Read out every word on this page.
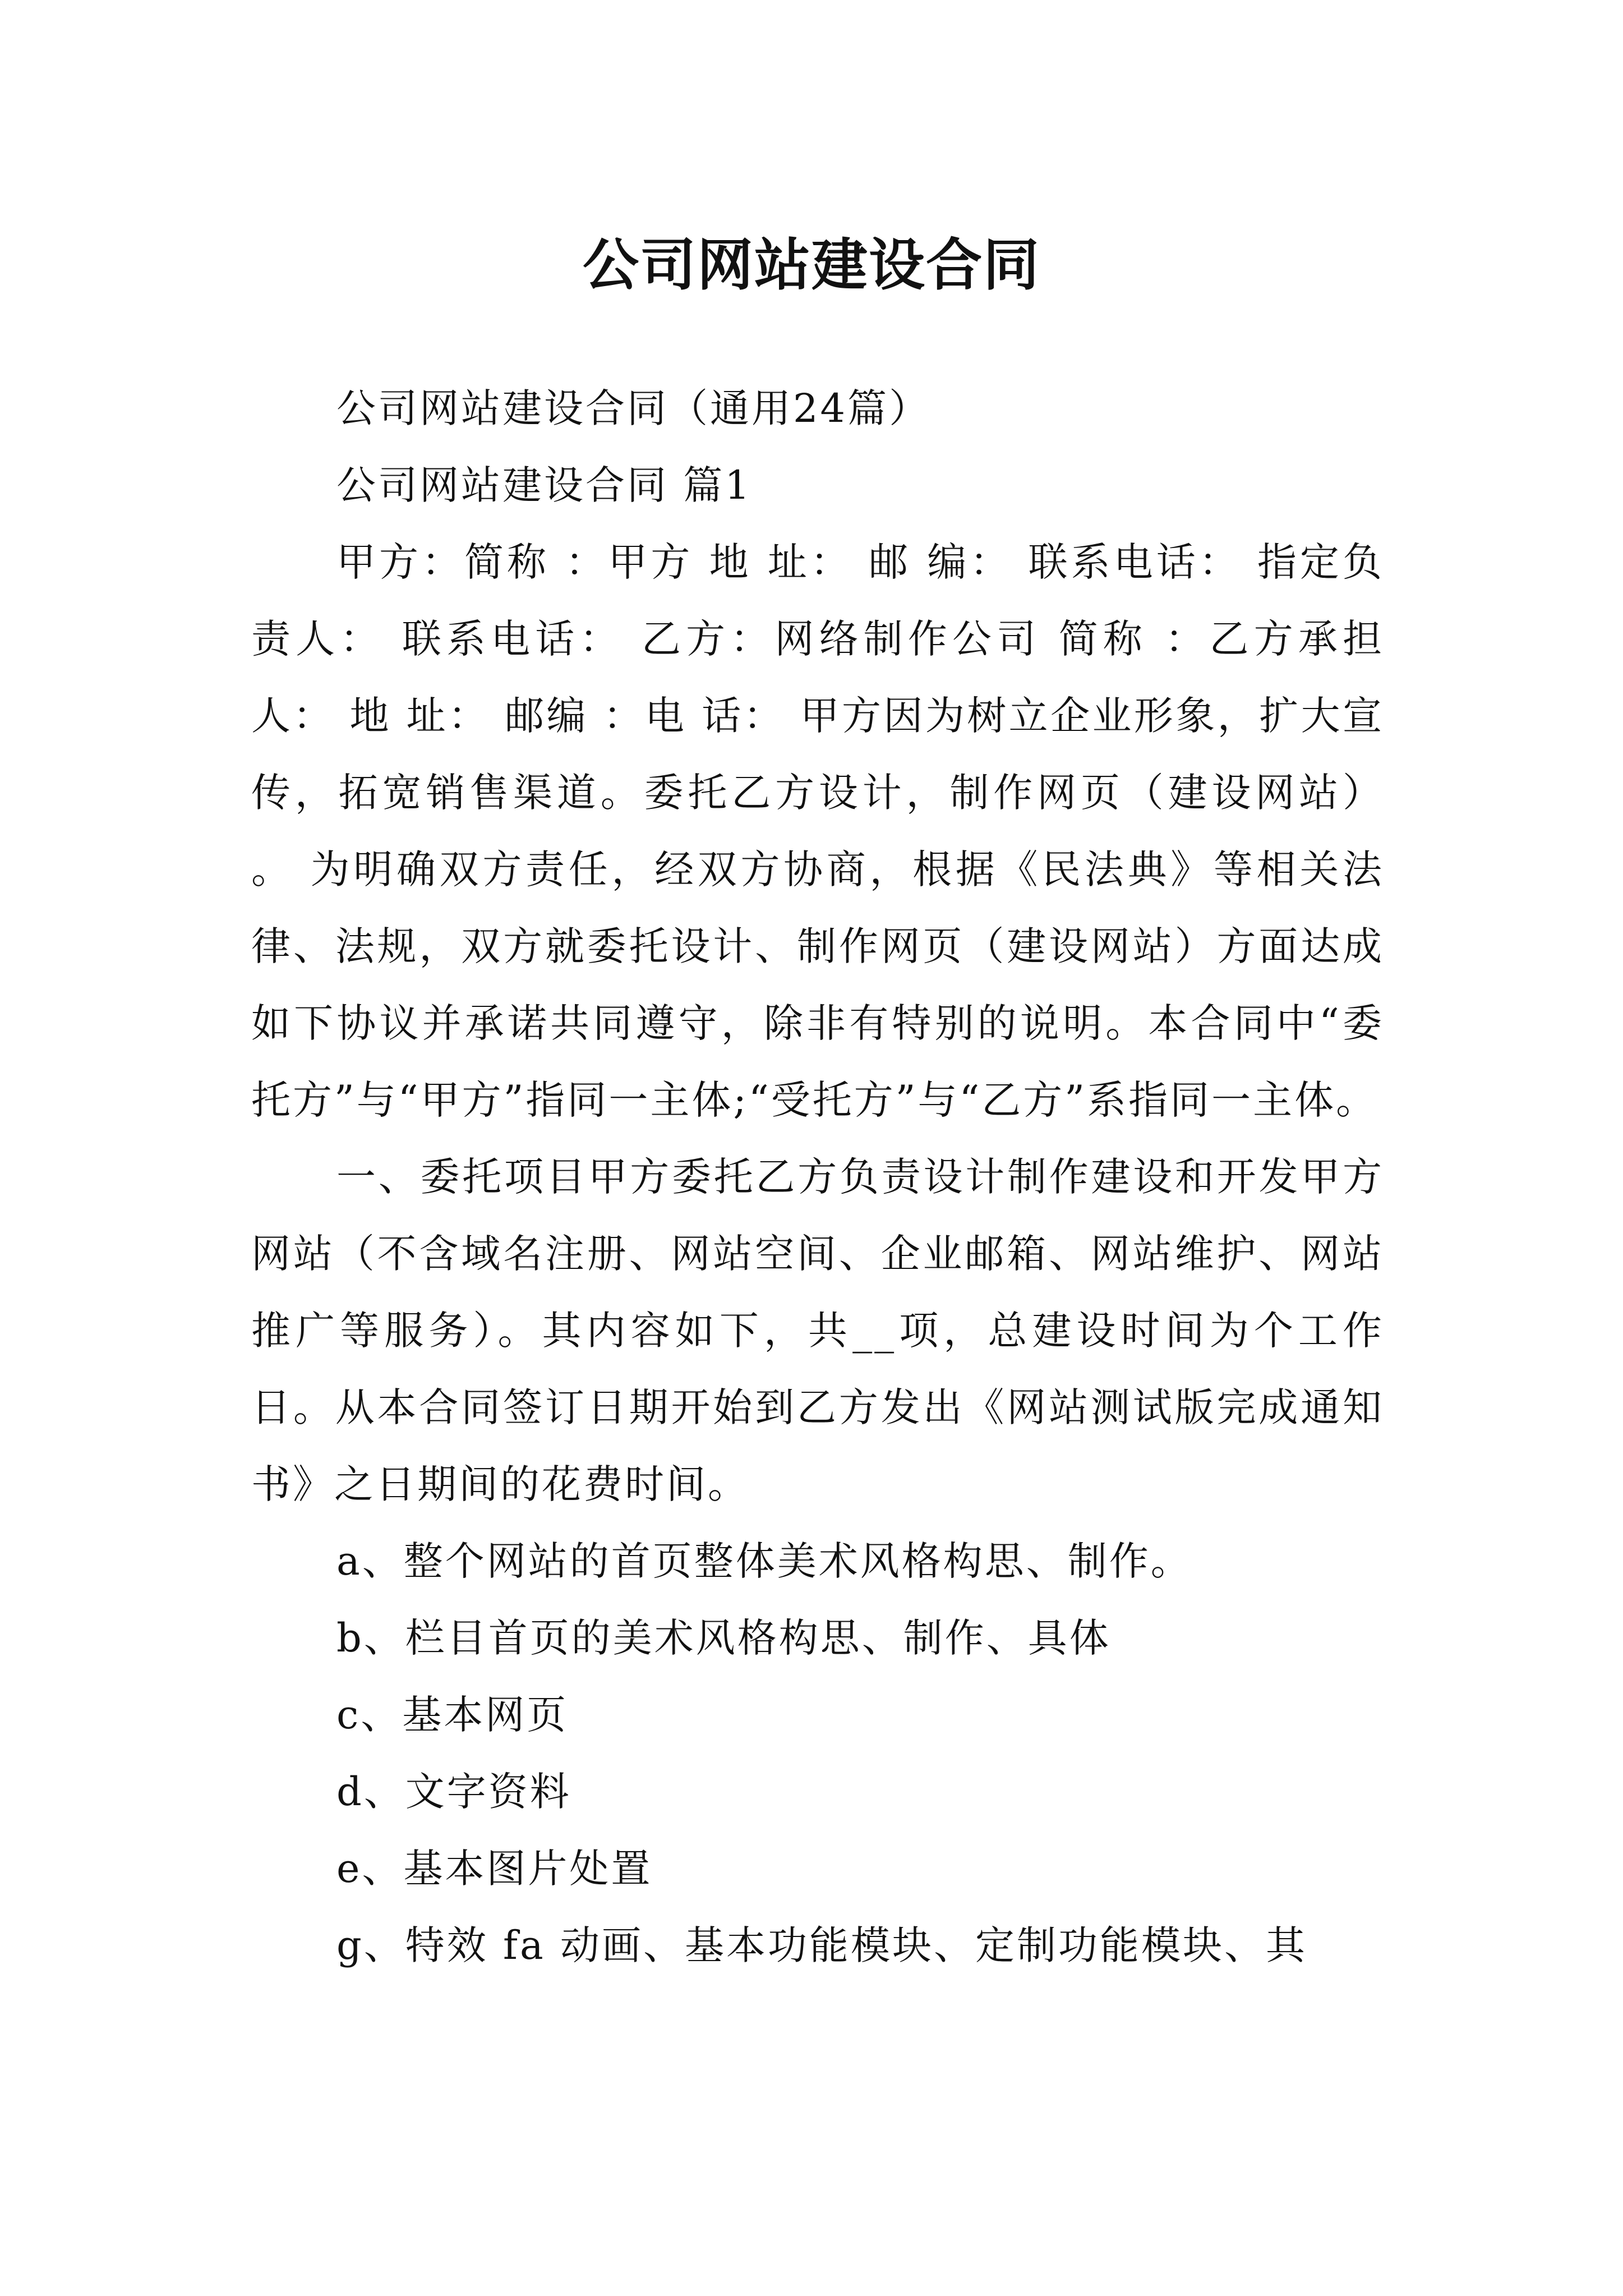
公司网站建设合同

公司网站建设合同（通用24篇）

公司网站建设合同 篇1

甲方：简称 ：甲方 地 址： 邮 编： 联系电话： 指定负责人： 联系电话： 乙方：网络制作公司 简称 ：乙方承担人： 地 址： 邮编 ：电 话： 甲方因为树立企业形象，扩大宣传，拓宽销售渠道。委托乙方设计，制作网页（建设网站） 。 为明确双方责任，经双方协商，根据《民法典》等相关法律、法规，双方就委托设计、制作网页（建设网站）方面达成如下协议并承诺共同遵守，除非有特别的说明。本合同中“委托方”与“甲方”指同一主体;“受托方”与“乙方”系指同一主体。

一、委托项目甲方委托乙方负责设计制作建设和开发甲方网站（不含域名注册、网站空间、企业邮箱、网站维护、网站推广等服务）。其内容如下，共__项，总建设时间为个工作日。从本合同签订日期开始到乙方发出《网站测试版完成通知书》之日期间的花费时间。

a、整个网站的首页整体美术风格构思、制作。

b、栏目首页的美术风格构思、制作、具体

c、基本网页

d、文字资料

e、基本图片处置

g、特效 fa 动画、基本功能模块、定制功能模块、其
